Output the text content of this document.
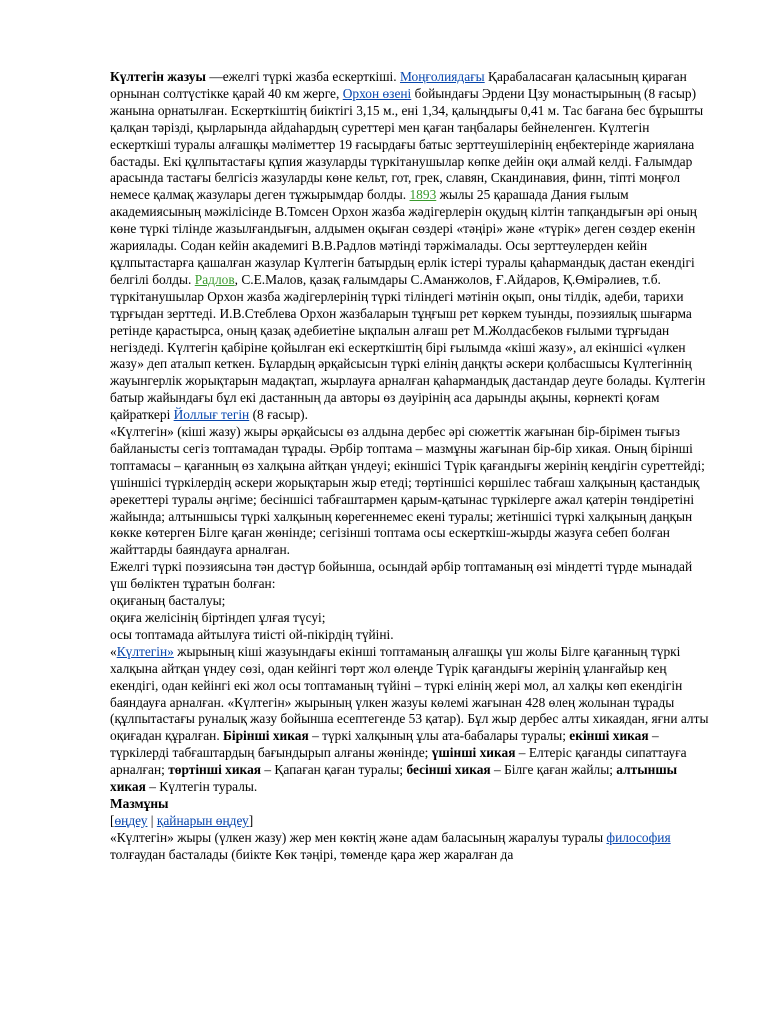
Күлтегін жазуы —ежелгі түркі жазба ескерткіші. Моңғолиядағы Қарабаласаған қаласының қираған орнынан солтүстікке қарай 40 км жерге, Орхон өзені бойындағы Эрдени Цзу монастырының (8 ғасыр) жанына орнатылған. Ескерткіштің биіктігі 3,15 м., ені 1,34, қалыңдығы 0,41 м. Тас бағана бес бұрышты қалқан тәрізді, қырларында айдаһардың суреттері мен қаған таңбалары бейнеленген. Күлтегін ескерткіші туралы алғашқы мәліметтер 19 ғасырдағы батыс зерттеушілерінің еңбектерінде жариялана бастады. Екі құлпытастағы құпия жазуларды түркітанушылар көпке дейін оқи алмай келді. Ғалымдар арасында тастағы белгісіз жазуларды көне кельт, гот, грек, славян, Скандинавия, финн, тіпті моңғол немесе қалмақ жазулары деген тұжырымдар болды. 1893 жылы 25 қарашада Дания ғылым академиясының мәжілісінде В.Томсен Орхон жазба жәдігерлерін оқудың кілтін тапқандығын әрі оның көне түркі тілінде жазылғандығын, алдымен оқыған сөздері «тәңірі» және «түрік» деген сөздер екенін жариялады. Содан кейін академигі В.В.Радлов мәтінді тәржімалады. Осы зерттеулерден кейін құлпытастарға қашалған жазулар Күлтегін батырдың ерлік істері туралы қаһармандық дастан екендігі белгілі болды. Радлов, С.Е.Малов, қазақ ғалымдары С.Аманжолов, Ғ.Айдаров, Қ.Өмірәлиев, т.б. түркітанушылар Орхон жазба жәдігерлерінің түркі тіліндегі мәтінін оқып, оны тілдік, әдеби, тарихи тұрғыдан зерттеді. И.В.Стеблева Орхон жазбаларын тұңғыш рет көркем туынды, поэзиялық шығарма ретінде қарастырса, оның қазақ әдебиетіне ықпалын алғаш рет М.Жолдасбеков ғылыми тұрғыдан негіздеді. Күлтегін қабіріне қойылған екі ескерткіштің бірі ғылымда «кіші жазу», ал екіншісі «үлкен жазу» деп аталып кеткен. Бұлардың әрқайсысын түркі елінің даңқты әскери қолбасшысы Күлтегіннің жауынгерлік жорықтарын мадақтап, жырлауға арналған қаһармандық дастандар деуге болады. Күлтегін батыр жайындағы бұл екі дастанның да авторы өз дәуірінің аса дарынды ақыны, көрнекті қоғам қайраткері Йоллығ тегін (8 ғасыр).

«Күлтегін» (кіші жазу) жыры әрқайсысы өз алдына дербес әрі сюжеттік жағынан бір-бірімен тығыз байланысты сегіз топтамадан тұрады. Әрбір топтама – мазмұны жағынан бір-бір хикая. Оның бірінші топтамасы – қағанның өз халқына айтқан үндеуі; екіншісі Түрік қағандығы жерінің кеңдігін суреттейді; үшіншісі түркілердің әскери жорықтарын жыр етеді; төртіншісі көршілес табғаш халқының қастандық әрекеттері туралы әңгіме; бесіншісі табғаштармен қарым-қатынас түркілерге ажал қатерін төндіретіні жайында; алтыншысы түркі халқының көрегеннемес екені туралы; жетіншісі түркі халқының даңқын көкке көтерген Білге қаған жөнінде; сегізінші топтама осы ескерткіш-жырды жазуға себеп болған жайттарды баяндауға арналған.

Ежелгі түркі поэзиясына тән дәстүр бойынша, осындай әрбір топтаманың өзі міндетті түрде мынадай үш бөліктен тұратын болған:

оқиғаның басталуы;

оқиға желісінің біртіндеп ұлғая түсуі;

осы топтамада айтылуға тиісті ой-пікірдің түйіні.

«Күлтегін» жырының кіші жазуындағы екінші топтаманың алғашқы үш жолы Білге қағанның түркі халқына айтқан үндеу сөзі, одан кейінгі төрт жол өлеңде Түрік қағандығы жерінің ұланғайыр кең екендігі, одан кейінгі екі жол осы топтаманың түйіні – түркі елінің жері мол, ал халқы көп екендігін баяндауға арналған. «Күлтегін» жырының үлкен жазуы көлемі жағынан 428 өлең жолынан тұрады (құлпытастағы руналық жазу бойынша есептегенде 53 қатар). Бұл жыр дербес алты хикаядан, яғни алты оқиғадан құралған. Бірінші хикая – түркі халқының ұлы ата-бабалары туралы; екінші хикая – түркілерді табғаштардың бағындырып алғаны жөнінде; үшінші хикая – Елтеріс қағанды сипаттауға арналған; төртінші хикая – Қапаған қаған туралы; бесінші хикая – Білге қаған жайлы; алтыншы хикая – Күлтегін туралы.

Мазмұны

[өңдеу | қайнарын өңдеу]

«Күлтегін» жыры (үлкен жазу) жер мен көктің және адам баласының жаралуы туралы философия толғаудан басталады (биікте Көк тәңірі, төменде қара жер жаралған да
